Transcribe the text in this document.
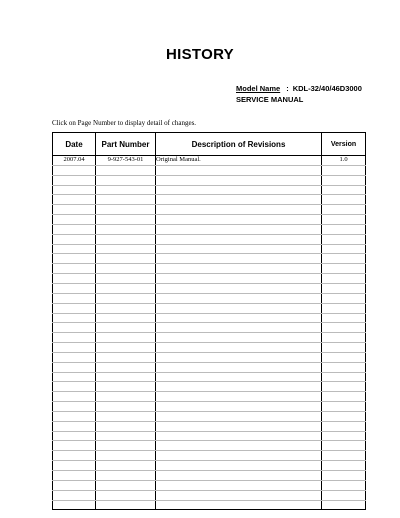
HISTORY
Model Name : KDL-32/40/46D3000
SERVICE MANUAL
Click on Page Number to display detail of changes.
Date	Part Number	Description of Revisions	Version
2007.04	9-927-543-01	Original Manual.	1.0
